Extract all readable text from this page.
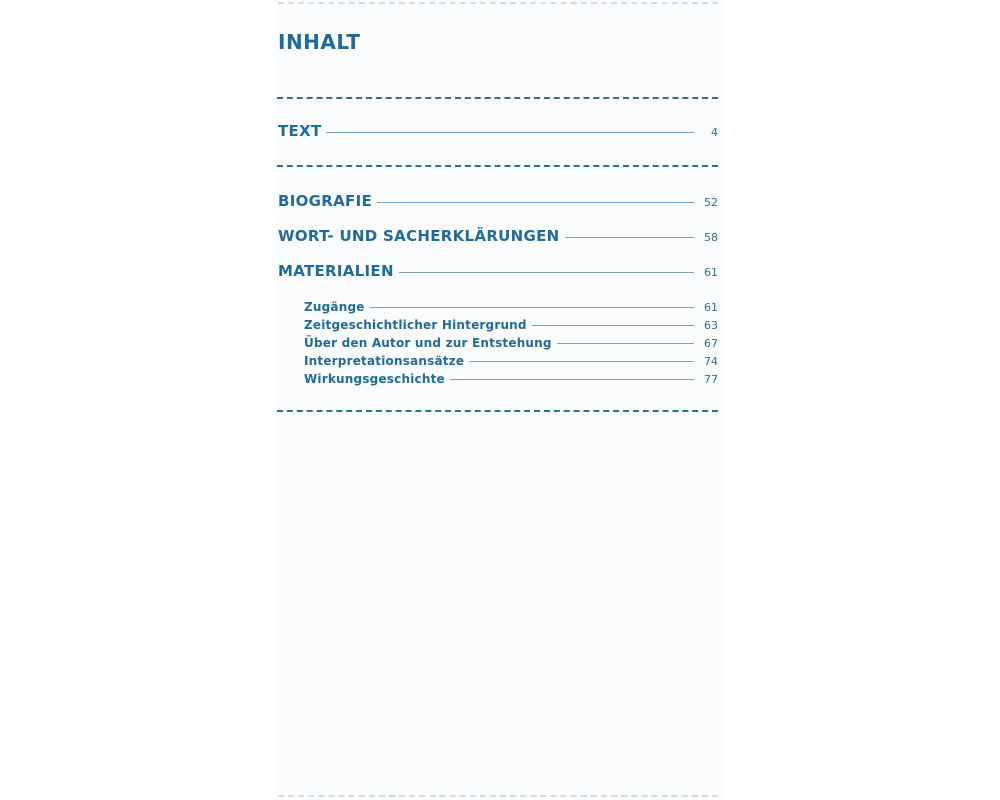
INHALT
TEXT	4
BIOGRAFIE	52
WORT- UND SACHERKLÄRUNGEN	58
MATERIALIEN	61
Zugänge	61
Zeitgeschichtlicher Hintergrund	63
Über den Autor und zur Entstehung	67
Interpretationsansätze	74
Wirkungsgeschichte	77
